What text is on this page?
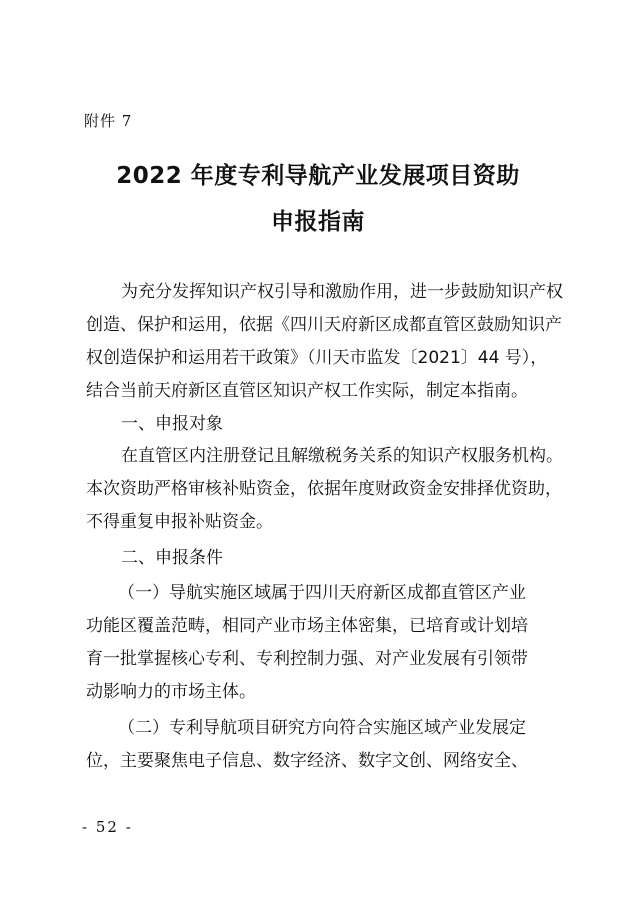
附件 7
2022 年度专利导航产业发展项目资助
申报指南
为充分发挥知识产权引导和激励作用，进一步鼓励知识产权
创造、保护和运用，依据《四川天府新区成都直管区鼓励知识产
权创造保护和运用若干政策》（川天市监发〔2021〕44 号），
结合当前天府新区直管区知识产权工作实际，制定本指南。
一、申报对象
在直管区内注册登记且解缴税务关系的知识产权服务机构。
本次资助严格审核补贴资金，依据年度财政资金安排择优资助，
不得重复申报补贴资金。
二、申报条件
（一）导航实施区域属于四川天府新区成都直管区产业
功能区覆盖范畴，相同产业市场主体密集，已培育或计划培
育一批掌握核心专利、专利控制力强、对产业发展有引领带
动影响力的市场主体。
（二）专利导航项目研究方向符合实施区域产业发展定
位，主要聚焦电子信息、数字经济、数字文创、网络安全、
- 52 -
